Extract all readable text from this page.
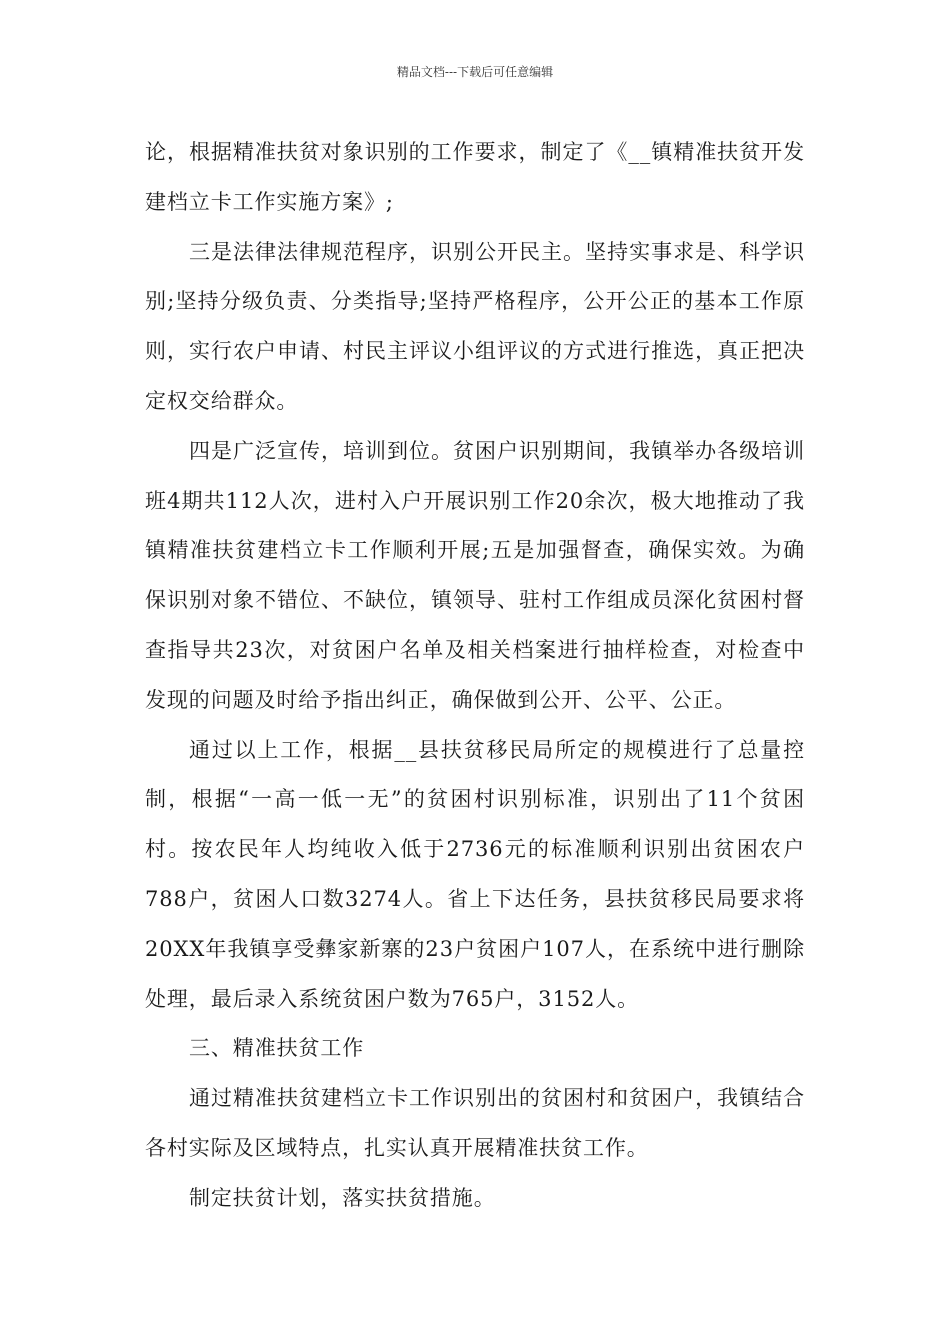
精品文档---下载后可任意编辑

论，根据精准扶贫对象识别的工作要求，制定了《__镇精准扶贫开发建档立卡工作实施方案》;

三是法律法律规范程序，识别公开民主。坚持实事求是、科学识别;坚持分级负责、分类指导;坚持严格程序，公开公正的基本工作原则，实行农户申请、村民主评议小组评议的方式进行推选，真正把决定权交给群众。

四是广泛宣传，培训到位。贫困户识别期间，我镇举办各级培训班4期共112人次，进村入户开展识别工作20余次，极大地推动了我镇精准扶贫建档立卡工作顺利开展;五是加强督查，确保实效。为确保识别对象不错位、不缺位，镇领导、驻村工作组成员深化贫困村督查指导共23次，对贫困户名单及相关档案进行抽样检查，对检查中发现的问题及时给予指出纠正，确保做到公开、公平、公正。

通过以上工作，根据__县扶贫移民局所定的规模进行了总量控制，根据“一高一低一无”的贫困村识别标准，识别出了11个贫困村。按农民年人均纯收入低于2736元的标准顺利识别出贫困农户788户，贫困人口数3274人。省上下达任务，县扶贫移民局要求将20XX年我镇享受彝家新寨的23户贫困户107人，在系统中进行删除处理，最后录入系统贫困户数为765户，3152人。

三、精准扶贫工作

通过精准扶贫建档立卡工作识别出的贫困村和贫困户，我镇结合各村实际及区域特点，扎实认真开展精准扶贫工作。

制定扶贫计划，落实扶贫措施。
